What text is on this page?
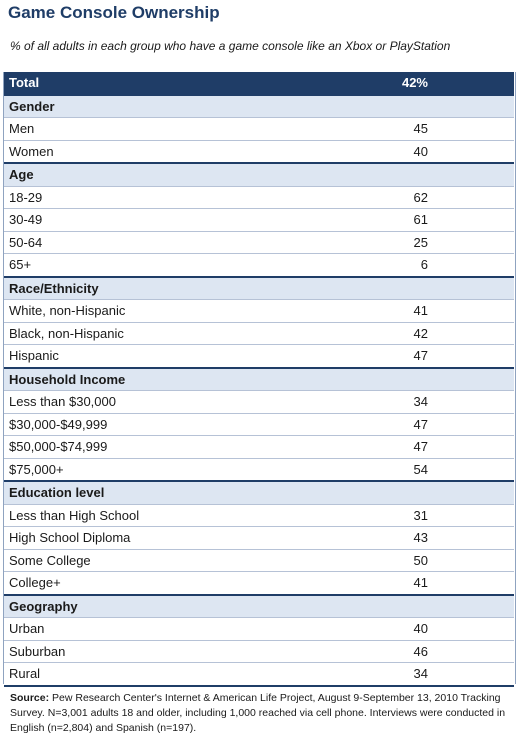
Game Console Ownership
% of all adults in each group who have a game console like an Xbox or PlayStation
Total	42%
Gender	
Men	45
Women	40
Age	
18-29	62
30-49	61
50-64	25
65+	6
Race/Ethnicity	
White, non-Hispanic	41
Black, non-Hispanic	42
Hispanic	47
Household Income	
Less than $30,000	34
$30,000-$49,999	47
$50,000-$74,999	47
$75,000+	54
Education level	
Less than High School	31
High School Diploma	43
Some College	50
College+	41
Geography	
Urban	40
Suburban	46
Rural	34
Source: Pew Research Center's Internet & American Life Project, August 9-September 13, 2010 Tracking Survey. N=3,001 adults 18 and older, including 1,000 reached via cell phone. Interviews were conducted in English (n=2,804) and Spanish (n=197).
